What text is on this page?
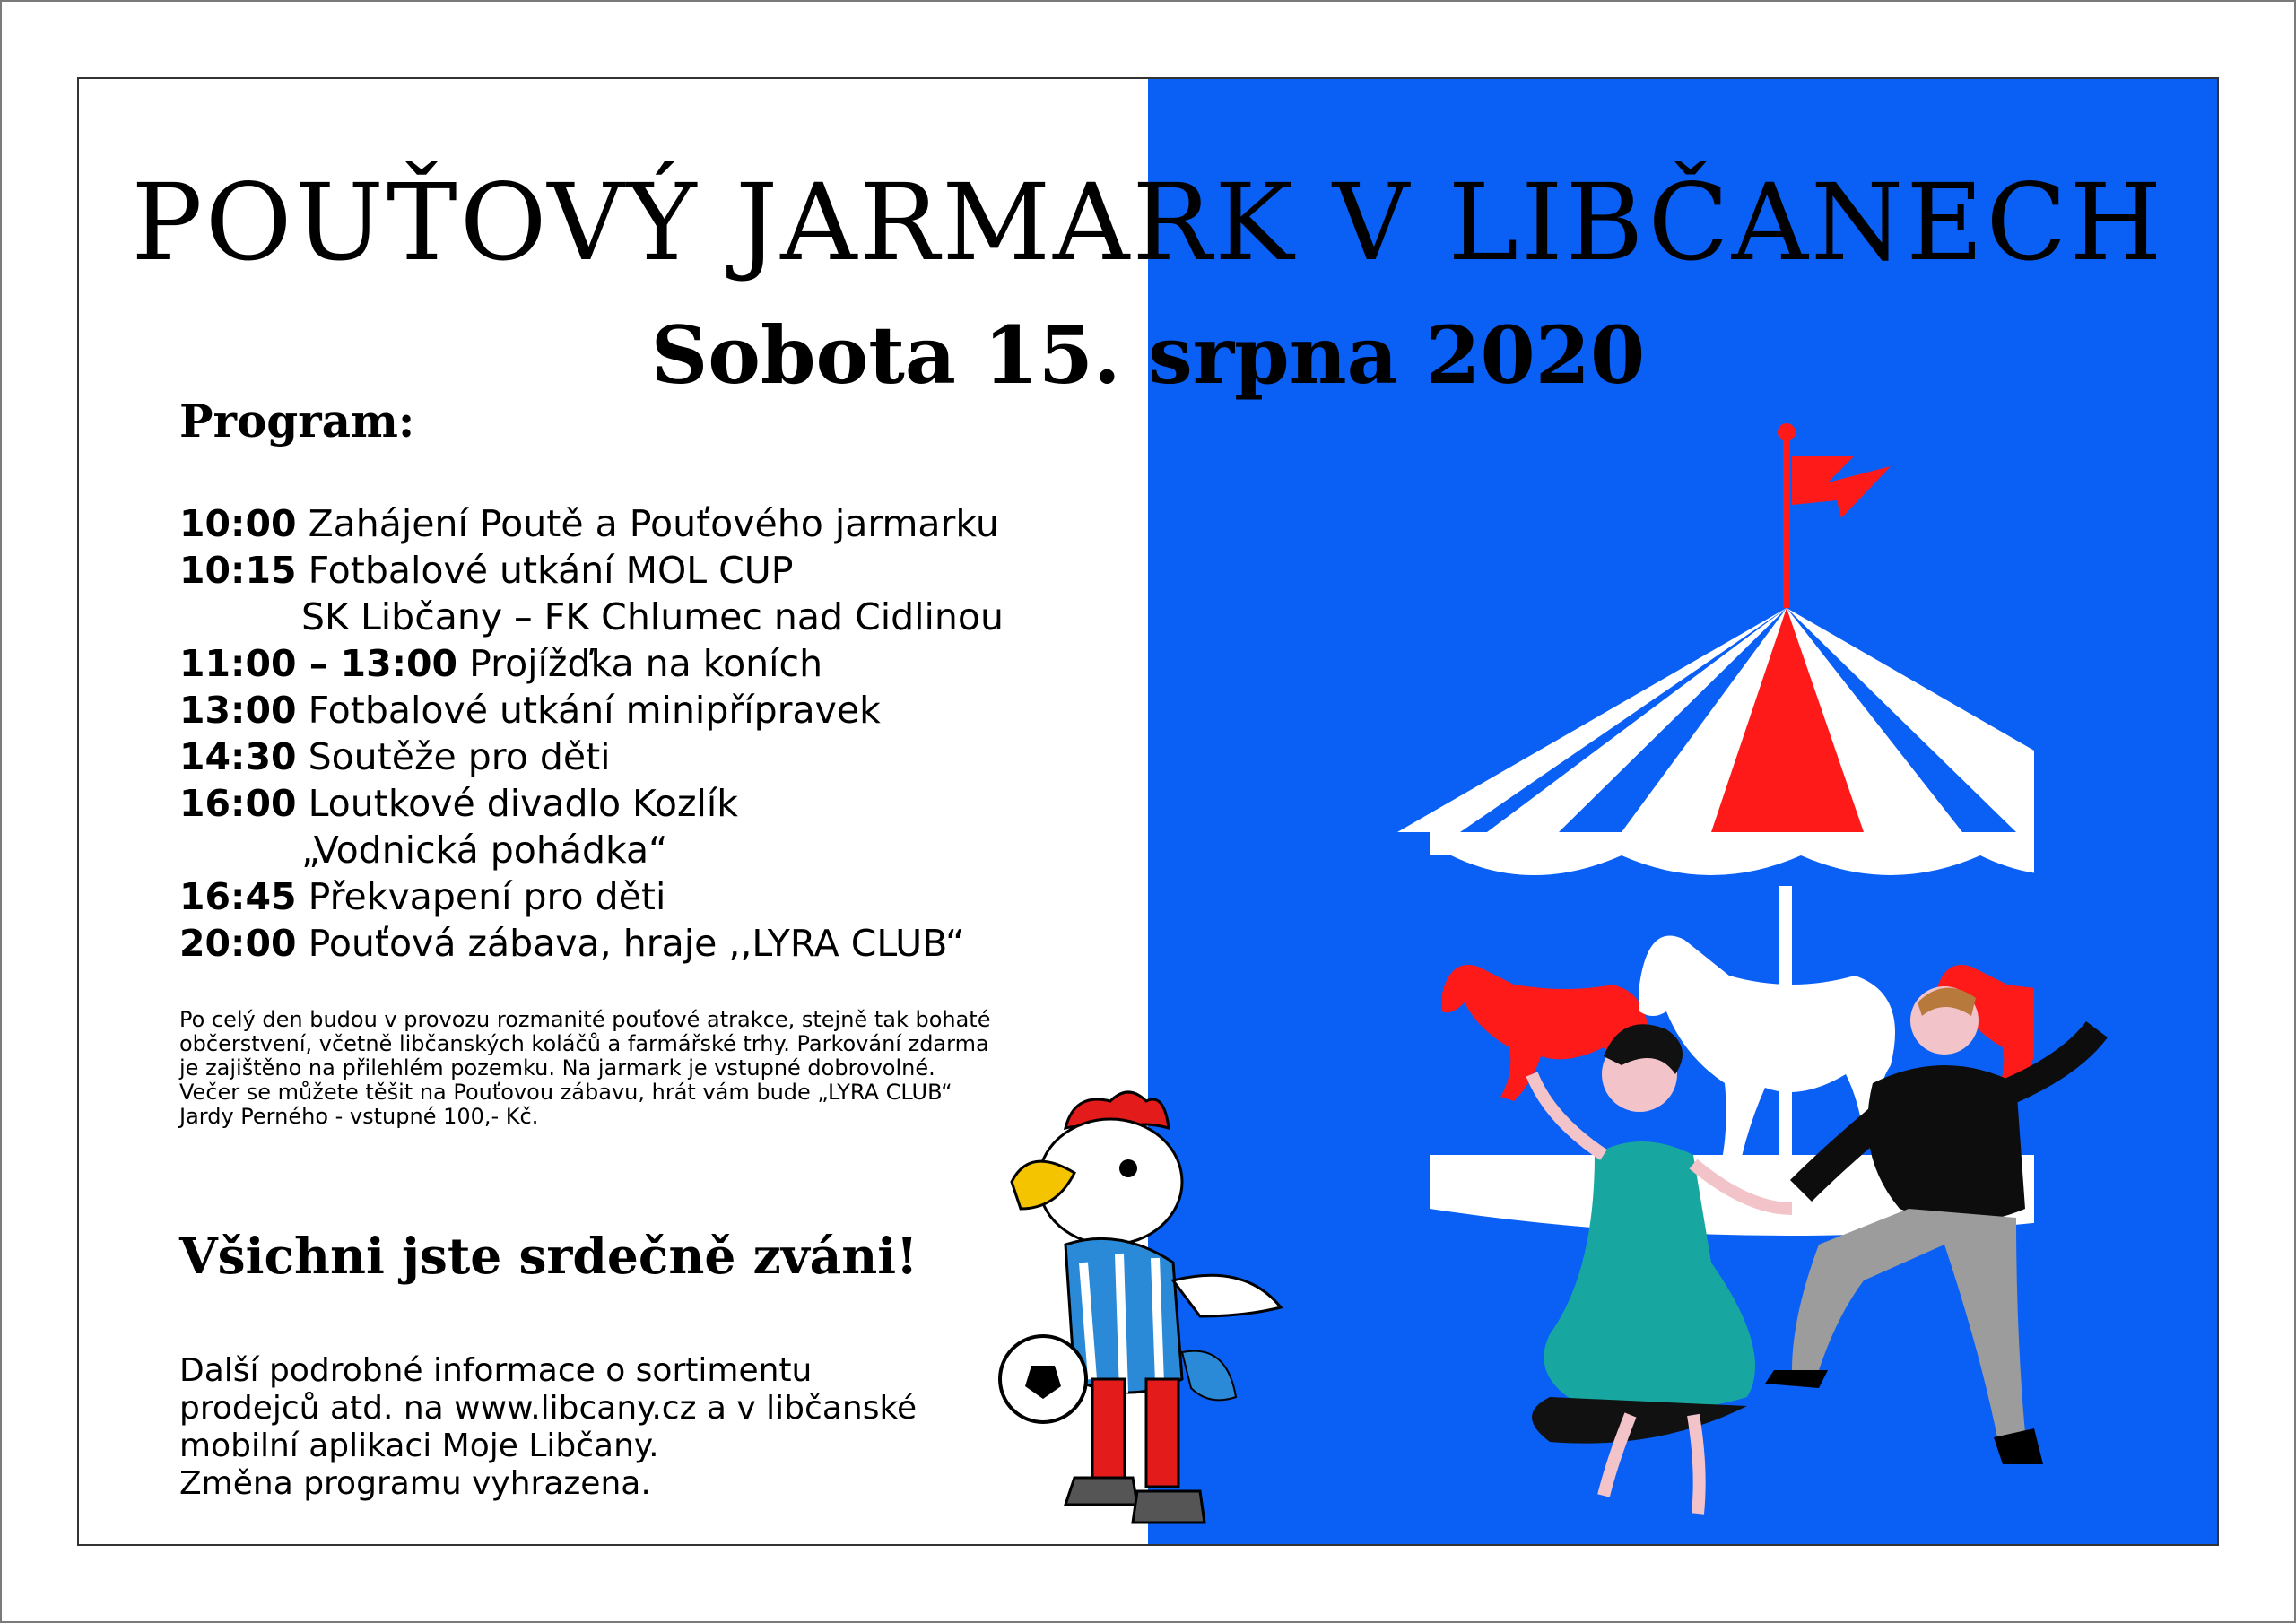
POUŤOVÝ JARMARK V LIBČANECH
Sobota 15. srpna 2020
Program:
10:00 Zahájení Poutě a Pouťového jarmarku
10:15 Fotbalové utkání MOL CUP
SK Libčany – FK Chlumec nad Cidlinou
11:00 – 13:00 Projížďka na koních
13:00 Fotbalové utkání minipřípravek
14:30 Soutěže pro děti
16:00 Loutkové divadlo Kozlík
„Vodnická pohádka“
16:45 Překvapení pro děti
20:00 Pouťová zábava, hraje ,,LYRA CLUB“
Po celý den budou v provozu rozmanité pouťové atrakce, stejně tak bohaté
občerstvení, včetně libčanských koláčů a farmářské trhy. Parkování zdarma
je zajištěno na přilehlém pozemku. Na jarmark je vstupné dobrovolné.
Večer se můžete těšit na Pouťovou zábavu, hrát vám bude „LYRA CLUB“
Jardy Perného - vstupné 100,- Kč.
Všichni jste srdečně zváni!
Další podrobné informace o sortimentu
prodejců atd. na www.libcany.cz a v libčanské
mobilní aplikaci Moje Libčany.
Změna programu vyhrazena.
